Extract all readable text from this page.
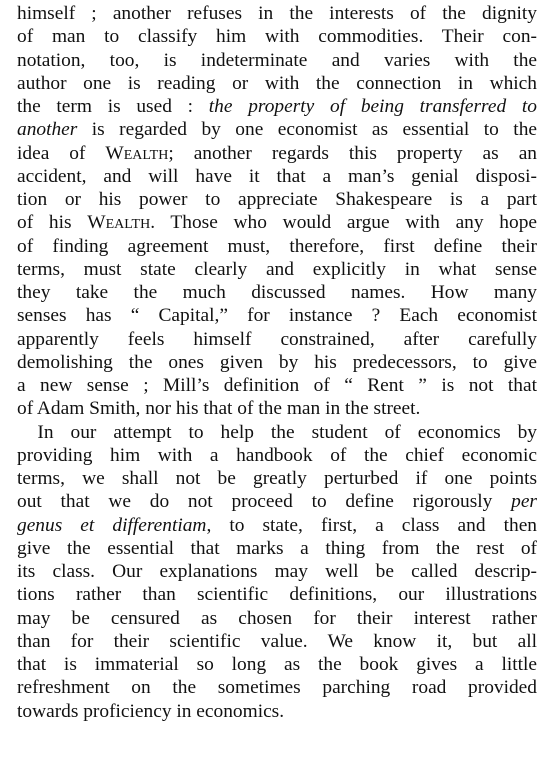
himself ; another refuses in the interests of the dignity
of man to classify him with commodities. Their con-
notation, too, is indeterminate and varies with the
author one is reading or with the connection in which
the term is used : the property of being transferred to
another is regarded by one economist as essential to the
idea of Wealth; another regards this property as an
accident, and will have it that a man’s genial disposi-
tion or his power to appreciate Shakespeare is a part
of his Wealth. Those who would argue with any hope
of finding agreement must, therefore, first define their
terms, must state clearly and explicitly in what sense
they take the much discussed names. How many
senses has “ Capital,” for instance ? Each economist
apparently feels himself constrained, after carefully
demolishing the ones given by his predecessors, to give
a new sense ; Mill’s definition of “ Rent ” is not that
of Adam Smith, nor his that of the man in the street.

In our attempt to help the student of economics by
providing him with a handbook of the chief economic
terms, we shall not be greatly perturbed if one points
out that we do not proceed to define rigorously per
genus et differentiam, to state, first, a class and then
give the essential that marks a thing from the rest of
its class. Our explanations may well be called descrip-
tions rather than scientific definitions, our illustrations
may be censured as chosen for their interest rather
than for their scientific value. We know it, but all
that is immaterial so long as the book gives a little
refreshment on the sometimes parching road provided
towards proficiency in economics.
